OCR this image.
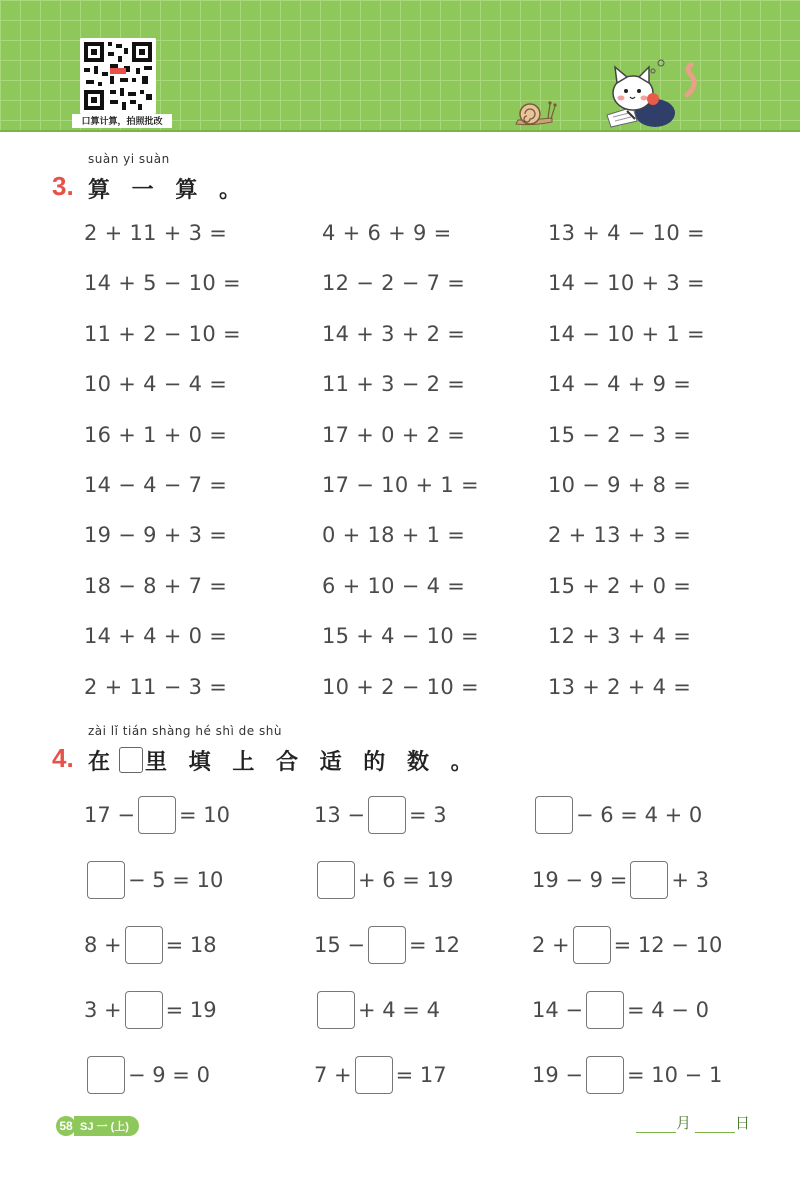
口算计算，拍照批改
suàn yi suàn
3. 算 一 算 。
2 + 11 + 3 =	4 + 6 + 9 =	13 + 4 − 10 =
14 + 5 − 10 =	12 − 2 − 7 =	14 − 10 + 3 =
11 + 2 − 10 =	14 + 3 + 2 =	14 − 10 + 1 =
10 + 4 − 4 =	11 + 3 − 2 =	14 − 4 + 9 =
16 + 1 + 0 =	17 + 0 + 2 =	15 − 2 − 3 =
14 − 4 − 7 =	17 − 10 + 1 =	10 − 9 + 8 =
19 − 9 + 3 =	0 + 18 + 1 =	2 + 13 + 3 =
18 − 8 + 7 =	6 + 10 − 4 =	15 + 2 + 0 =
14 + 4 + 0 =	15 + 4 − 10 =	12 + 3 + 4 =
2 + 11 − 3 =	10 + 2 − 10 =	13 + 2 + 4 =
zài lǐ tián shàng hé shì de shù
4. 在 里 填 上 合 适 的 数 。
17 − = 10	13 − = 3	− 6 = 4 + 0
− 5 = 10	+ 6 = 19	19 − 9 = + 3
8 + = 18	15 − = 12	2 + = 12 − 10
3 + = 19	+ 4 = 4	14 − = 4 − 0
− 9 = 0	7 + = 17	19 − = 10 − 1
58 SJ 一 (上)	月	日
